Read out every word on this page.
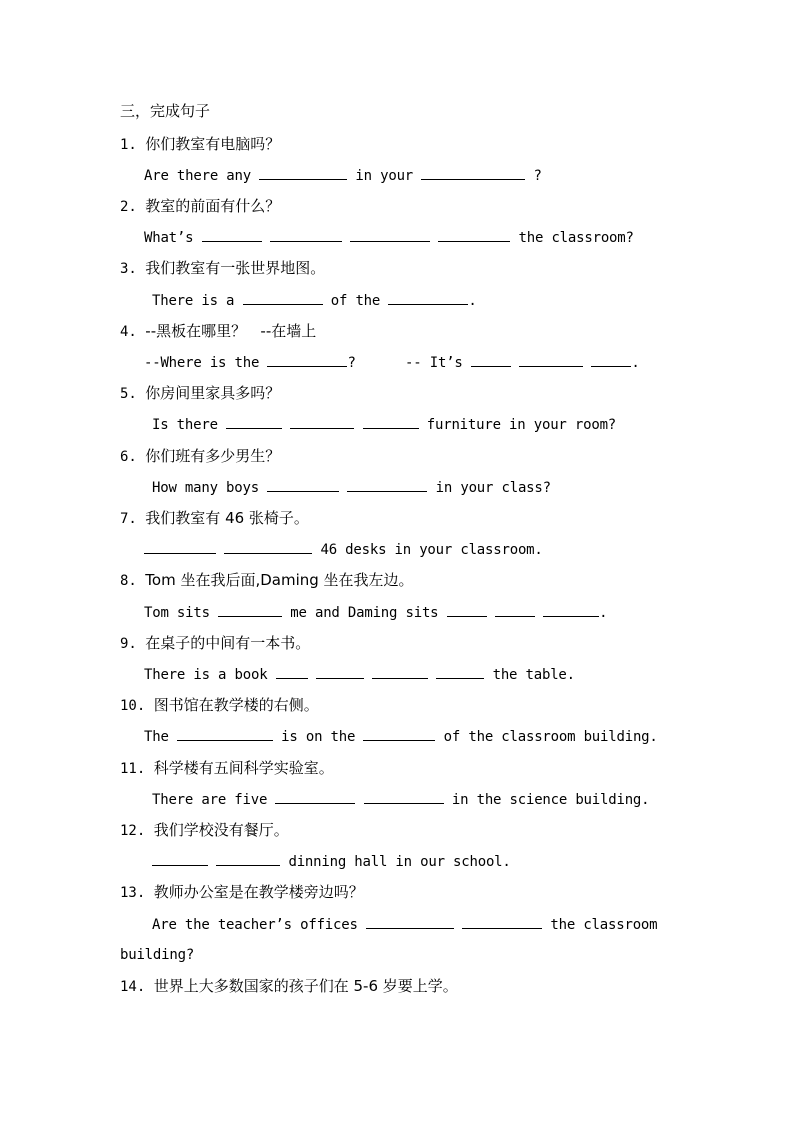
三，完成句子
1. 你们教室有电脑吗？
Are there any	in your	?
2. 教室的前面有什么？
What’s	the classroom?
3. 我们教室有一张世界地图。
There is a	of the	.
4. --黑板在哪里？   --在墙上
--Where is the	?      -- It’s	.
5. 你房间里家具多吗？
Is there	furniture in your room?
6. 你们班有多少男生？
How many boys	in your class?
7. 我们教室有 46 张椅子。
46 desks in your classroom.
8. Tom 坐在我后面,Daming 坐在我左边。
Tom sits	me and Daming sits	.
9. 在桌子的中间有一本书。
There is a book	the table.
10. 图书馆在教学楼的右侧。
The	is on the	of the classroom building.
11. 科学楼有五间科学实验室。
There are five	in the science building.
12. 我们学校没有餐厅。
dinning hall in our school.
13. 教师办公室是在教学楼旁边吗？
Are the teacher’s offices	the classroom
building?
14. 世界上大多数国家的孩子们在 5-6 岁要上学。
